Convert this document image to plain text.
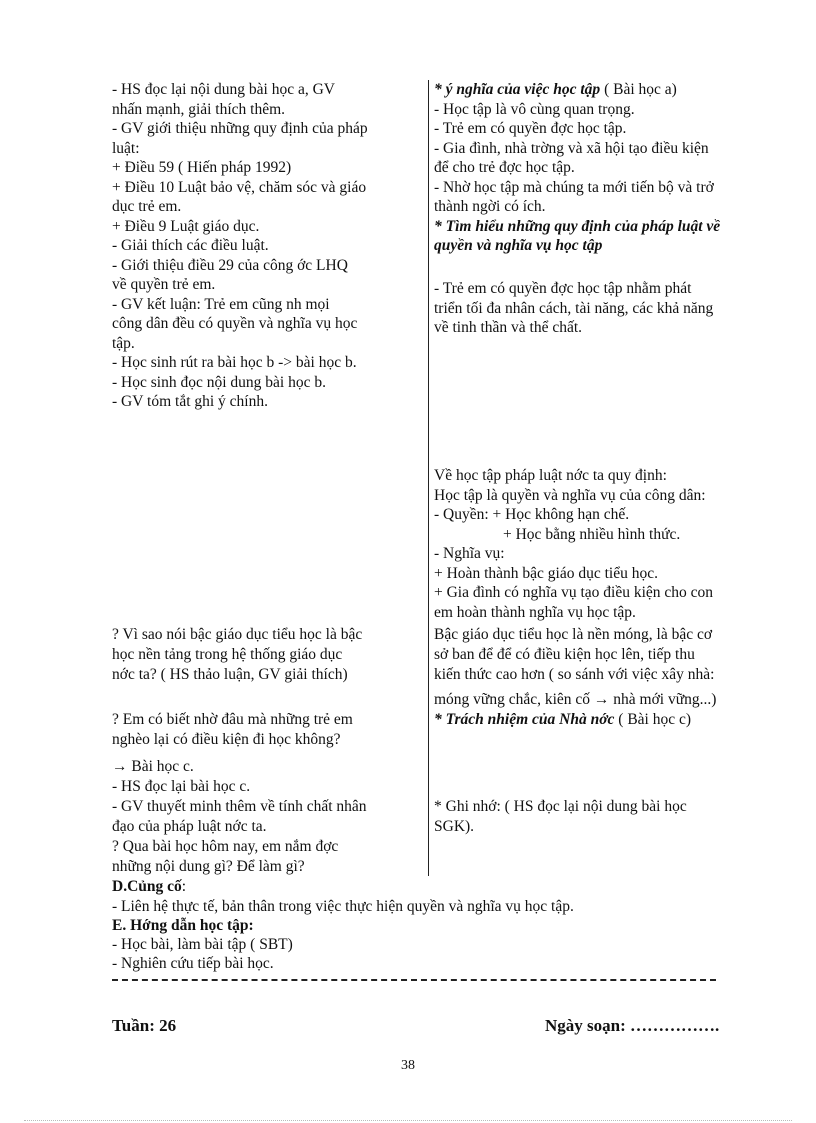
- HS đọc lại nội dung bài học a, GV
nhấn mạnh, giải thích thêm.
- GV giới thiệu những quy định của pháp
luật:
+ Điều 59 ( Hiến pháp 1992)
+ Điều 10 Luật bảo vệ, chăm sóc và giáo
dục trẻ em.
+ Điều 9 Luật giáo dục.
- Giải thích các điều luật.
- Giới thiệu điều 29 của công ớc LHQ
về quyền trẻ em.
- GV kết luận: Trẻ em cũng nh mọi
công dân đều có quyền và nghĩa vụ học
tập.
- Học sinh rút ra bài học b -> bài học b.
- Học sinh đọc nội dung bài học b.
- GV tóm tắt ghi ý chính.
? Vì sao nói bậc giáo dục tiểu học là bậc
học nền tảng trong hệ thống giáo dục
nớc ta? ( HS thảo luận, GV giải thích)
? Em có biết nhờ đâu mà những trẻ em
nghèo lại có điều kiện đi học không?
→ Bài học c.
- HS đọc lại bài học c.
- GV thuyết minh thêm về tính chất nhân
đạo của pháp luật nớc ta.
? Qua bài học hôm nay, em nắm đợc
những nội dung gì? Để làm gì?
* ý nghĩa của việc học tập ( Bài học a)
- Học tập là vô cùng quan trọng.
- Trẻ em có quyền đợc học tập.
- Gia đình, nhà trờng và xã hội tạo điều kiện
để cho trẻ đợc học tập.
- Nhờ học tập mà chúng ta mới tiến bộ và trở
thành ngời có ích.
* Tìm hiểu những quy định của pháp luật về
quyền và nghĩa vụ học tập
- Trẻ em có quyền đợc học tập nhằm phát
triển tối đa nhân cách, tài năng, các khả năng
về tinh thần và thể chất.
Về học tập pháp luật nớc ta quy định:
Học tập là quyền và nghĩa vụ của công dân:
- Quyền: + Học không hạn chế.
+ Học bằng nhiều hình thức.
- Nghĩa vụ:
+ Hoàn thành bậc giáo dục tiểu học.
+ Gia đình có nghĩa vụ tạo điều kiện cho con
em hoàn thành nghĩa vụ học tập.
Bậc giáo dục tiểu học là nền móng, là bậc cơ
sở ban để để có điều kiện học lên, tiếp thu
kiến thức cao hơn ( so sánh với việc xây nhà:
móng vững chắc, kiên cố → nhà mới vững...)
* Trách nhiệm của Nhà nớc ( Bài học c)
* Ghi nhớ: ( HS đọc lại nội dung bài học
SGK).
D.Củng cố:
- Liên hệ thực tế, bản thân trong việc thực hiện quyền và nghĩa vụ học tập.
E. Hớng dẫn học tập:
- Học bài, làm bài tập ( SBT)
- Nghiên cứu tiếp bài học.
Tuần: 26	Ngày soạn: …………….
38
